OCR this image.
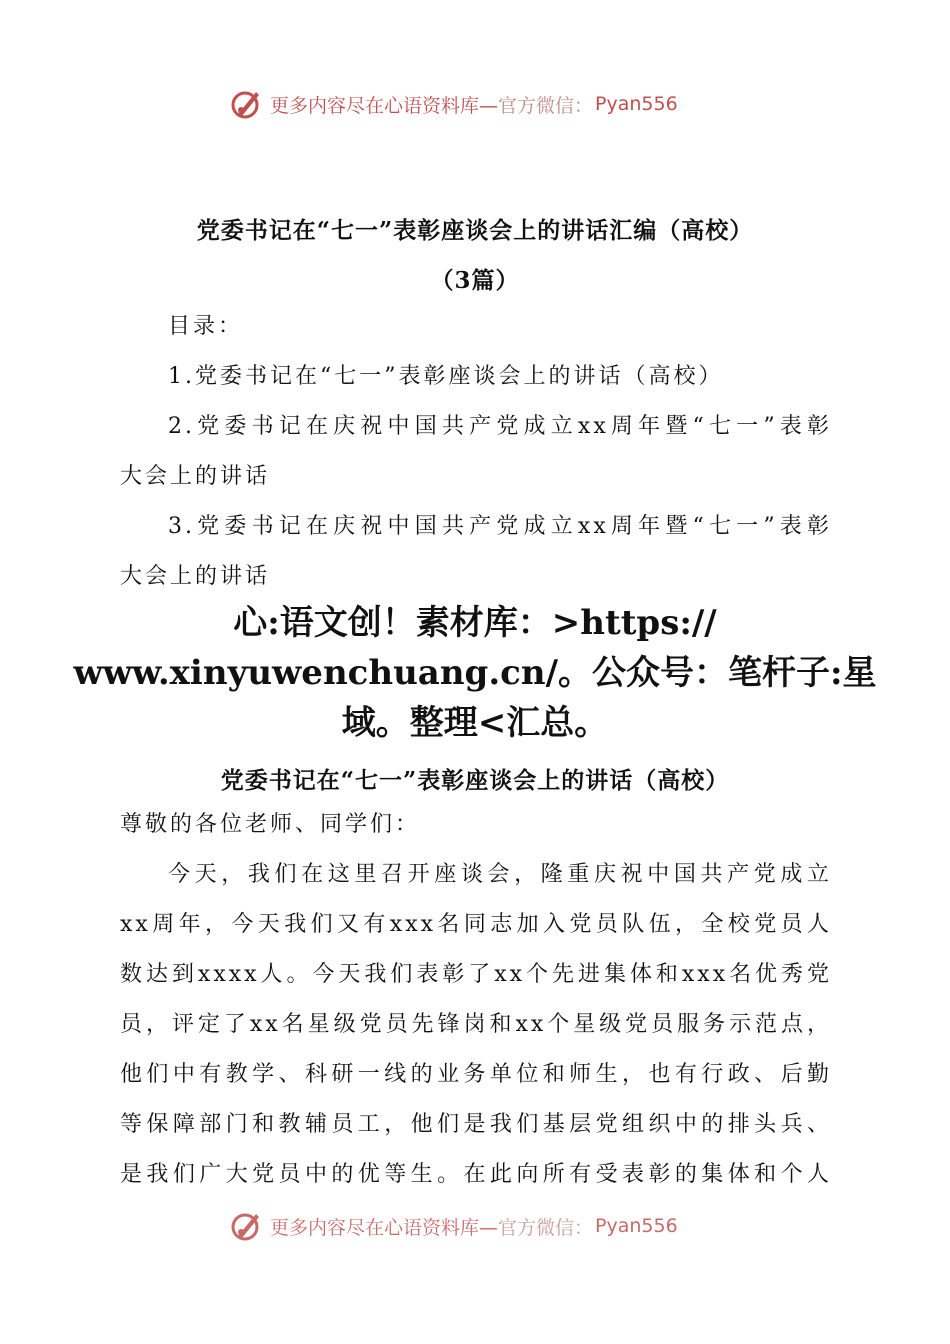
更多内容尽在心语资料库— 官方微信： Pyan556
党委书记在“七一”表彰座谈会上的讲话汇编（高校）
（3篇）
目录：
1.党委书记在“七一”表彰座谈会上的讲话（高校）
2.党委书记在庆祝中国共产党成立xx周年暨“七一”表彰
大会上的讲话
3.党委书记在庆祝中国共产党成立xx周年暨“七一”表彰
大会上的讲话
心:语文创！素材库：>https://
www.xinyuwenchuang.cn/。公众号：笔杆子:星
域。整理<汇总。
党委书记在“七一”表彰座谈会上的讲话（高校）
尊敬的各位老师、同学们：
今天，我们在这里召开座谈会，隆重庆祝中国共产党成立
xx周年，今天我们又有xxx名同志加入党员队伍，全校党员人
数达到xxxx人。今天我们表彰了xx个先进集体和xxx名优秀党
员，评定了xx名星级党员先锋岗和xx个星级党员服务示范点，
他们中有教学、科研一线的业务单位和师生，也有行政、后勤
等保障部门和教辅员工，他们是我们基层党组织中的排头兵、
是我们广大党员中的优等生。在此向所有受表彰的集体和个人
更多内容尽在心语资料库— 官方微信： Pyan556
